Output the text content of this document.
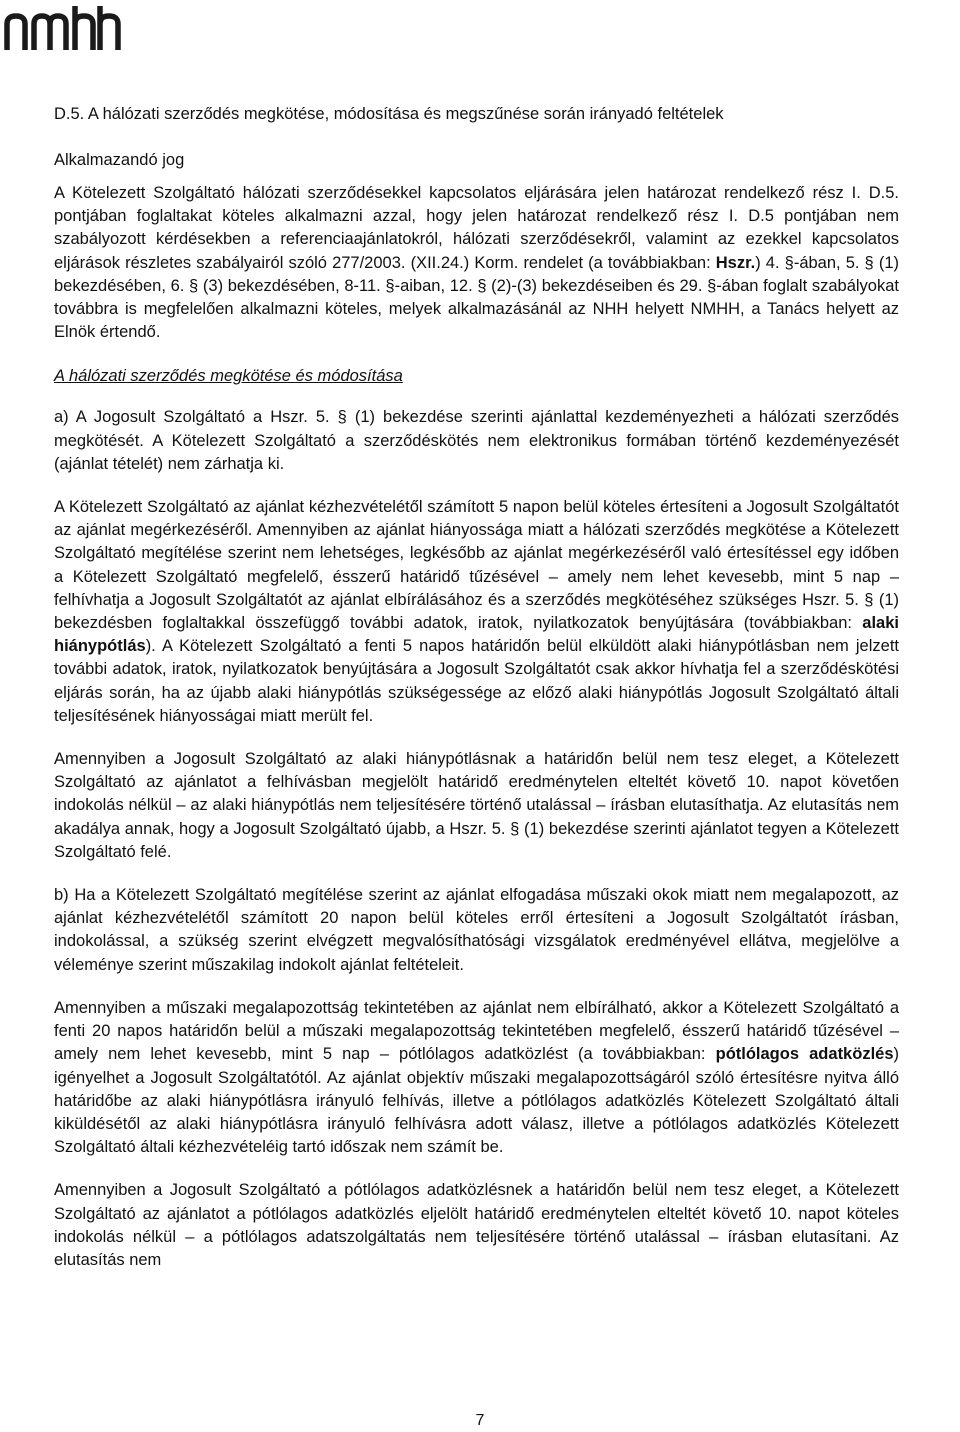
D.5. A hálózati szerződés megkötése, módosítása és megszűnése során irányadó feltételek
Alkalmazandó jog

A Kötelezett Szolgáltató hálózati szerződésekkel kapcsolatos eljárására jelen határozat rendelkező rész I. D.5. pontjában foglaltakat köteles alkalmazni azzal, hogy jelen határozat rendelkező rész I. D.5 pontjában nem szabályozott kérdésekben a referenciaajánlatokról, hálózati szerződésekről, valamint az ezekkel kapcsolatos eljárások részletes szabályairól szóló 277/2003. (XII.24.) Korm. rendelet (a továbbiakban: Hszr.) 4. §-ában, 5. § (1) bekezdésében, 6. § (3) bekezdésében, 8-11. §-aiban, 12. § (2)-(3) bekezdéseiben és 29. §-ában foglalt szabályokat továbbra is megfelelően alkalmazni köteles, melyek alkalmazásánál az NHH helyett NMHH, a Tanács helyett az Elnök értendő.

A hálózati szerződés megkötése és módosítása

a) A Jogosult Szolgáltató a Hszr. 5. § (1) bekezdése szerinti ajánlattal kezdeményezheti a hálózati szerződés megkötését. A Kötelezett Szolgáltató a szerződéskötés nem elektronikus formában történő kezdeményezését (ajánlat tételét) nem zárhatja ki.

A Kötelezett Szolgáltató az ajánlat kézhezvételétől számított 5 napon belül köteles értesíteni a Jogosult Szolgáltatót az ajánlat megérkezéséről. Amennyiben az ajánlat hiányossága miatt a hálózati szerződés megkötése a Kötelezett Szolgáltató megítélése szerint nem lehetséges, legkésőbb az ajánlat megérkezéséről való értesítéssel egy időben a Kötelezett Szolgáltató megfelelő, ésszerű határidő tűzésével – amely nem lehet kevesebb, mint 5 nap – felhívhatja a Jogosult Szolgáltatót az ajánlat elbírálásához és a szerződés megkötéséhez szükséges Hszr. 5. § (1) bekezdésben foglaltakkal összefüggő további adatok, iratok, nyilatkozatok benyújtására (továbbiakban: alaki hiánypótlás). A Kötelezett Szolgáltató a fenti 5 napos határidőn belül elküldött alaki hiánypótlásban nem jelzett további adatok, iratok, nyilatkozatok benyújtására a Jogosult Szolgáltatót csak akkor hívhatja fel a szerződéskötési eljárás során, ha az újabb alaki hiánypótlás szükségessége az előző alaki hiánypótlás Jogosult Szolgáltató általi teljesítésének hiányosságai miatt merült fel.

Amennyiben a Jogosult Szolgáltató az alaki hiánypótlásnak a határidőn belül nem tesz eleget, a Kötelezett Szolgáltató az ajánlatot a felhívásban megjelölt határidő eredménytelen elteltét követő 10. napot követően indokolás nélkül – az alaki hiánypótlás nem teljesítésére történő utalással – írásban elutasíthatja. Az elutasítás nem akadálya annak, hogy a Jogosult Szolgáltató újabb, a Hszr. 5. § (1) bekezdése szerinti ajánlatot tegyen a Kötelezett Szolgáltató felé.

b) Ha a Kötelezett Szolgáltató megítélése szerint az ajánlat elfogadása műszaki okok miatt nem megalapozott, az ajánlat kézhezvételétől számított 20 napon belül köteles erről értesíteni a Jogosult Szolgáltatót írásban, indokolással, a szükség szerint elvégzett megvalósíthatósági vizsgálatok eredményével ellátva, megjelölve a véleménye szerint műszakilag indokolt ajánlat feltételeit.

Amennyiben a műszaki megalapozottság tekintetében az ajánlat nem elbírálható, akkor a Kötelezett Szolgáltató a fenti 20 napos határidőn belül a műszaki megalapozottság tekintetében megfelelő, ésszerű határidő tűzésével – amely nem lehet kevesebb, mint 5 nap – pótlólagos adatközlést (a továbbiakban: pótlólagos adatközlés) igényelhet a Jogosult Szolgáltatótól. Az ajánlat objektív műszaki megalapozottságáról szóló értesítésre nyitva álló határidőbe az alaki hiánypótlásra irányuló felhívás, illetve a pótlólagos adatközlés Kötelezett Szolgáltató általi kiküldésétől az alaki hiánypótlásra irányuló felhívásra adott válasz, illetve a pótlólagos adatközlés Kötelezett Szolgáltató általi kézhezvételéig tartó időszak nem számít be.

Amennyiben a Jogosult Szolgáltató a pótlólagos adatközlésnek a határidőn belül nem tesz eleget, a Kötelezett Szolgáltató az ajánlatot a pótlólagos adatközlés eljelölt határidő eredménytelen elteltét követő 10. napot köteles indokolás nélkül – a pótlólagos adatszolgáltatás nem teljesítésére történő utalással – írásban elutasítani. Az elutasítás nem

7
